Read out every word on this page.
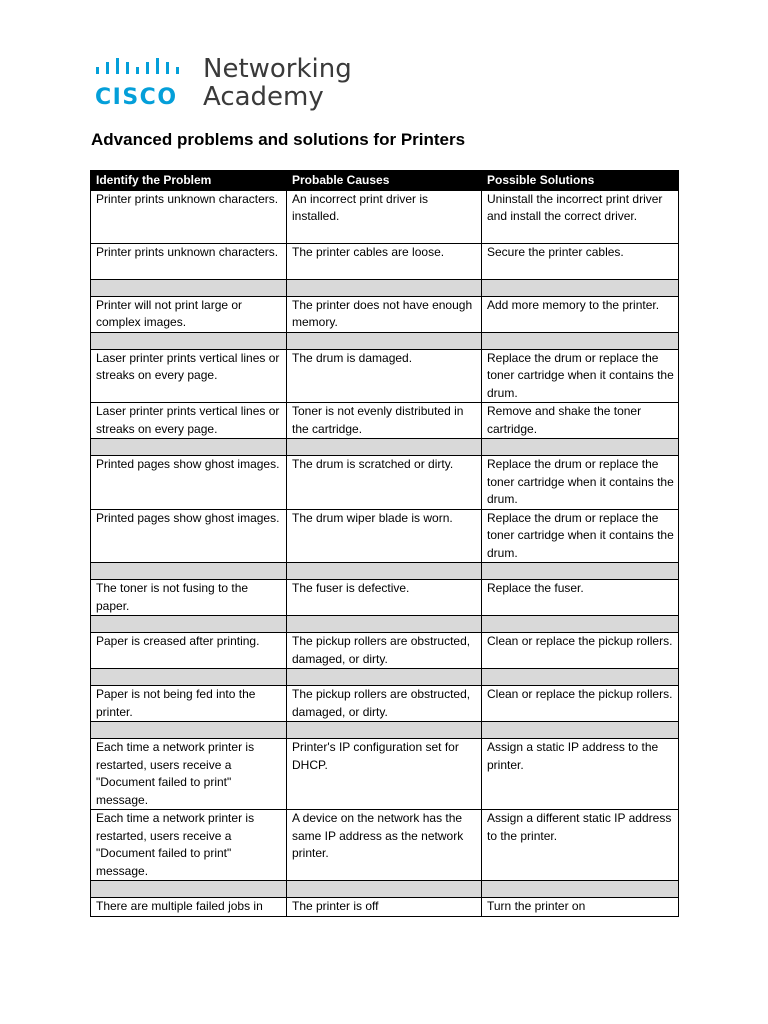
CISCO
Networking
Academy
Advanced problems and solutions for Printers
Identify the Problem	Probable Causes	Possible Solutions
Printer prints unknown characters.	An incorrect print driver is installed.	Uninstall the incorrect print driver and install the correct driver.
Printer prints unknown characters.	The printer cables are loose.	Secure the printer cables.

Printer will not print large or complex images.	The printer does not have enough memory.	Add more memory to the printer.

Laser printer prints vertical lines or streaks on every page.	The drum is damaged.	Replace the drum or replace the toner cartridge when it contains the drum.
Laser printer prints vertical lines or streaks on every page.	Toner is not evenly distributed in the cartridge.	Remove and shake the toner cartridge.

Printed pages show ghost images.	The drum is scratched or dirty.	Replace the drum or replace the toner cartridge when it contains the drum.
Printed pages show ghost images.	The drum wiper blade is worn.	Replace the drum or replace the toner cartridge when it contains the drum.

The toner is not fusing to the paper.	The fuser is defective.	Replace the fuser.

Paper is creased after printing.	The pickup rollers are obstructed, damaged, or dirty.	Clean or replace the pickup rollers.

Paper is not being fed into the printer.	The pickup rollers are obstructed, damaged, or dirty.	Clean or replace the pickup rollers.

Each time a network printer is restarted, users receive a "Document failed to print" message.	Printer's IP configuration set for DHCP.	Assign a static IP address to the printer.
Each time a network printer is restarted, users receive a "Document failed to print" message.	A device on the network has the same IP address as the network printer.	Assign a different static IP address to the printer.

There are multiple failed jobs in	The printer is off	Turn the printer on
